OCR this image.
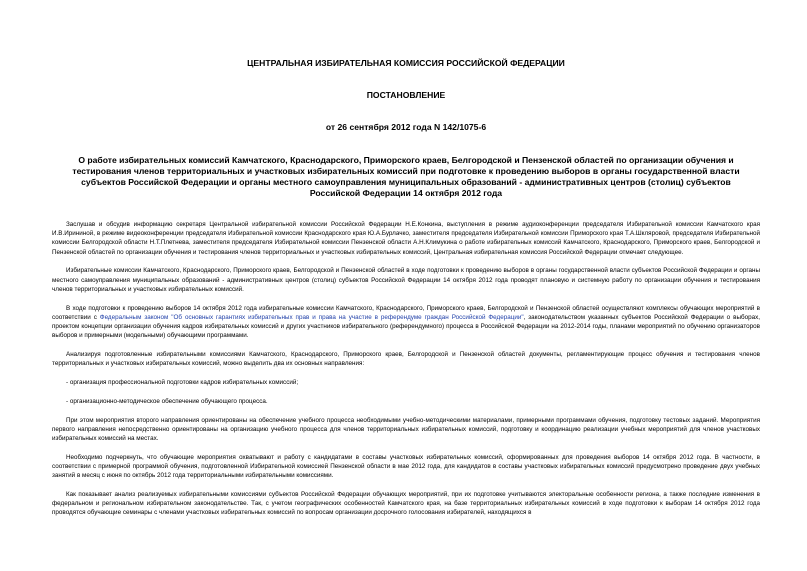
ЦЕНТРАЛЬНАЯ ИЗБИРАТЕЛЬНАЯ КОМИССИЯ РОССИЙСКОЙ ФЕДЕРАЦИИ
ПОСТАНОВЛЕНИЕ
от 26 сентября 2012 года N 142/1075-6
О работе избирательных комиссий Камчатского, Краснодарского, Приморского краев, Белгородской и Пензенской областей по организации обучения и тестирования членов территориальных и участковых избирательных комиссий при подготовке к проведению выборов в органы государственной власти субъектов Российской Федерации и органы местного самоуправления муниципальных образований - административных центров (столиц) субъектов Российской Федерации 14 октября 2012 года

Заслушав и обсудив информацию секретаря Центральной избирательной комиссии Российской Федерации Н.Е.Конкина, выступления в режиме аудиоконференции председателя Избирательной комиссии Камчатского края И.В.Ирининой, в режиме видеоконференции председателя Избирательной комиссии Краснодарского края Ю.А.Бурлачко, заместителя председателя Избирательной комиссии Приморского края Т.А.Шкляровой, председателя Избирательной комиссии Белгородской области Н.Т.Плетнева, заместителя председателя Избирательной комиссии Пензенской области А.Н.Климукина о работе избирательных комиссий Камчатского, Краснодарского, Приморского краев, Белгородской и Пензенской областей по организации обучения и тестирования членов территориальных и участковых избирательных комиссий, Центральная избирательная комиссия Российской Федерации отмечает следующее.

Избирательные комиссии Камчатского, Краснодарского, Приморского краев, Белгородской и Пензенской областей в ходе подготовки к проведению выборов в органы государственной власти субъектов Российской Федерации и органы местного самоуправления муниципальных образований - административных центров (столиц) субъектов Российской Федерации 14 октября 2012 года проводят плановую и системную работу по организации обучения и тестирования членов территориальных и участковых избирательных комиссий.

В ходе подготовки к проведению выборов 14 октября 2012 года избирательные комиссии Камчатского, Краснодарского, Приморского краев, Белгородской и Пензенской областей осуществляют комплексы обучающих мероприятий в соответствии с Федеральным законом "Об основных гарантиях избирательных прав и права на участие в референдуме граждан Российской Федерации", законодательством указанных субъектов Российской Федерации о выборах, проектом концепции организации обучения кадров избирательных комиссий и других участников избирательного (референдумного) процесса в Российской Федерации на 2012-2014 годы, планами мероприятий по обучению организаторов выборов и примерными (модельными) обучающими программами.

Анализируя подготовленные избирательными комиссиями Камчатского, Краснодарского, Приморского краев, Белгородской и Пензенской областей документы, регламентирующие процесс обучения и тестирования членов территориальных и участковых избирательных комиссий, можно выделить два их основных направления:

- организация профессиональной подготовки кадров избирательных комиссий;

- организационно-методическое обеспечение обучающего процесса.

При этом мероприятия второго направления ориентированы на обеспечение учебного процесса необходимыми учебно-методическими материалами, примерными программами обучения, подготовку тестовых заданий. Мероприятия первого направления непосредственно ориентированы на организацию учебного процесса для членов территориальных избирательных комиссий, подготовку и координацию реализации учебных мероприятий для членов участковых избирательных комиссий на местах.

Необходимо подчеркнуть, что обучающие мероприятия охватывают и работу с кандидатами в составы участковых избирательных комиссий, сформированных для проведения выборов 14 октября 2012 года. В частности, в соответствии с примерной программой обучения, подготовленной Избирательной комиссией Пензенской области в мае 2012 года, для кандидатов в составы участковых избирательных комиссий предусмотрено проведение двух учебных занятий в месяц с июня по октябрь 2012 года территориальными избирательными комиссиями.

Как показывает анализ реализуемых избирательными комиссиями субъектов Российской Федерации обучающих мероприятий, при их подготовке учитываются электоральные особенности региона, а также последние изменения в федеральном и региональном избирательном законодательстве. Так, с учетом географических особенностей Камчатского края, на базе территориальных избирательных комиссий в ходе подготовки к выборам 14 октября 2012 года проводятся обучающие семинары с членами участковых избирательных комиссий по вопросам организации досрочного голосования избирателей, находящихся в
